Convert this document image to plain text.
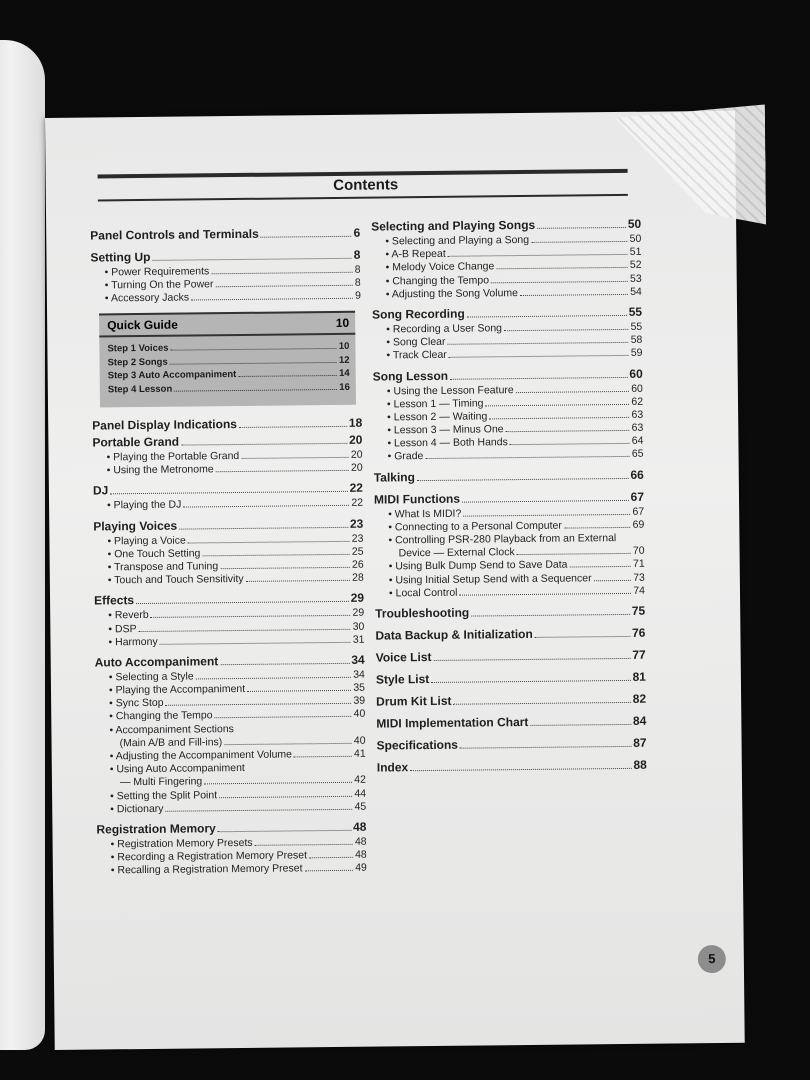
Contents
Panel Controls and Terminals	6
Setting Up	8
• Power Requirements	8
• Turning On the Power	8
• Accessory Jacks	9
Quick Guide	10
Step 1 Voices	10
Step 2 Songs	12
Step 3 Auto Accompaniment	14
Step 4 Lesson	16
Panel Display Indications	18
Portable Grand	20
• Playing the Portable Grand	20
• Using the Metronome	20
DJ	22
• Playing the DJ	22
Playing Voices	23
• Playing a Voice	23
• One Touch Setting	25
• Transpose and Tuning	26
• Touch and Touch Sensitivity	28
Effects	29
• Reverb	29
• DSP	30
• Harmony	31
Auto Accompaniment	34
• Selecting a Style	34
• Playing the Accompaniment	35
• Sync Stop	39
• Changing the Tempo	40
• Accompaniment Sections
(Main A/B and Fill-ins)	40
• Adjusting the Accompaniment Volume	41
• Using Auto Accompaniment
— Multi Fingering	42
• Setting the Split Point	44
• Dictionary	45
Registration Memory	48
• Registration Memory Presets	48
• Recording a Registration Memory Preset	48
• Recalling a Registration Memory Preset	49
Selecting and Playing Songs	50
• Selecting and Playing a Song	50
• A-B Repeat	51
• Melody Voice Change	52
• Changing the Tempo	53
• Adjusting the Song Volume	54
Song Recording	55
• Recording a User Song	55
• Song Clear	58
• Track Clear	59
Song Lesson	60
• Using the Lesson Feature	60
• Lesson 1 — Timing	62
• Lesson 2 — Waiting	63
• Lesson 3 — Minus One	63
• Lesson 4 — Both Hands	64
• Grade	65
Talking	66
MIDI Functions	67
• What Is MIDI?	67
• Connecting to a Personal Computer	69
• Controlling PSR-280 Playback from an External
Device — External Clock	70
• Using Bulk Dump Send to Save Data	71
• Using Initial Setup Send with a Sequencer	73
• Local Control	74
Troubleshooting	75
Data Backup & Initialization	76
Voice List	77
Style List	81
Drum Kit List	82
MIDI Implementation Chart	84
Specifications	87
Index	88
5
